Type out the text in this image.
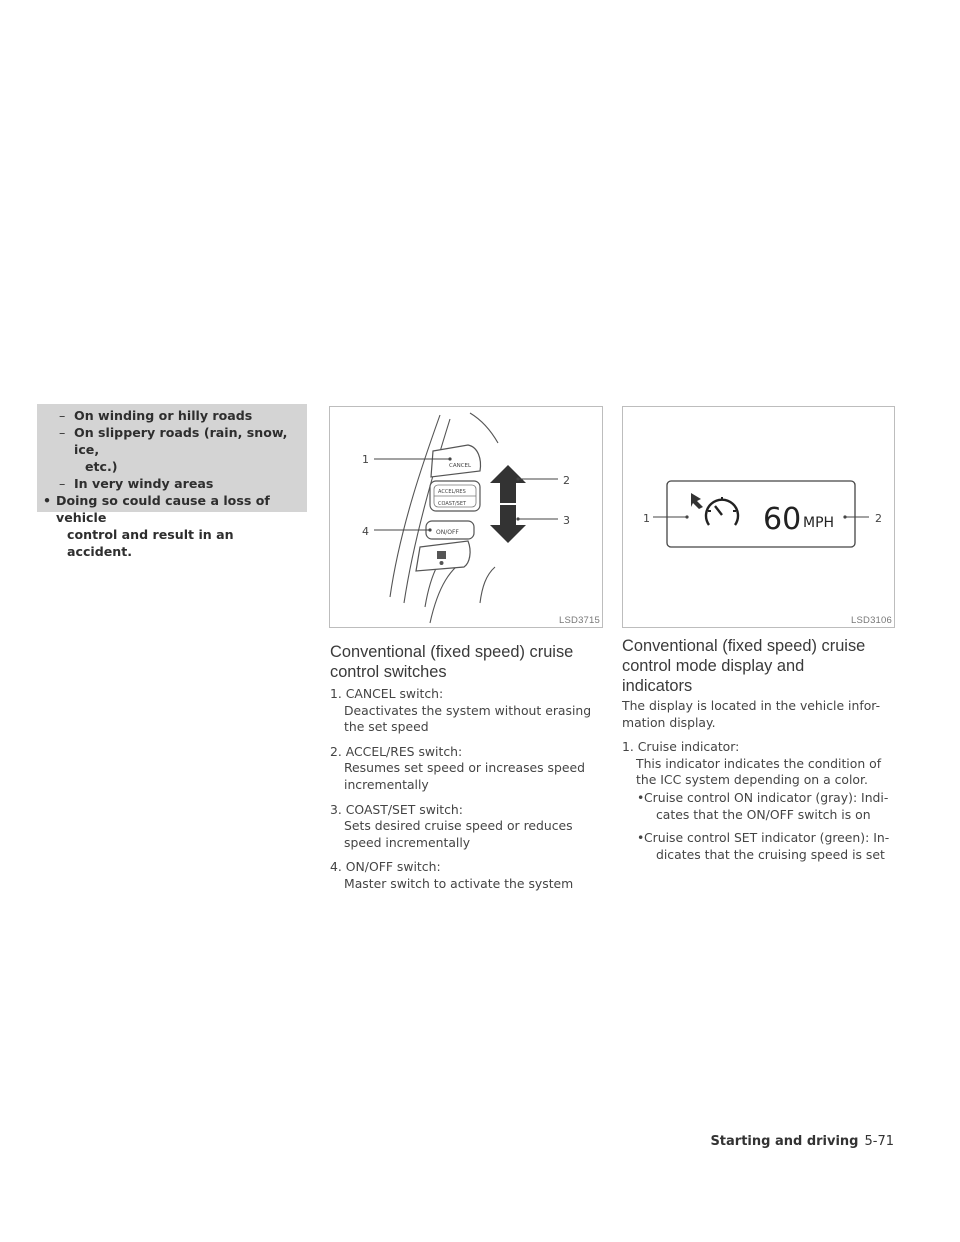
– On winding or hilly roads
– On slippery roads (rain, snow, ice,
etc.)
– In very windy areas
• Doing so could cause a loss of vehicle
control and result in an accident.
CANCEL
ACCEL/RES
COAST/SET
ON/OFF
1
2
3
4
LSD3715
60 MPH
1	2
LSD3106
Conventional (fixed speed) cruise
control switches
1. CANCEL switch:
Deactivates the system without erasing
the set speed
2. ACCEL/RES switch:
Resumes set speed or increases speed
incrementally
3. COAST/SET switch:
Sets desired cruise speed or reduces
speed incrementally
4. ON/OFF switch:
Master switch to activate the system
Conventional (fixed speed) cruise
control mode display and
indicators
The display is located in the vehicle infor-
mation display.
1. Cruise indicator:
This indicator indicates the condition of
the ICC system depending on a color.
• Cruise control ON indicator (gray): Indi-
cates that the ON/OFF switch is on
• Cruise control SET indicator (green): In-
dicates that the cruising speed is set
Starting and driving 5-71
